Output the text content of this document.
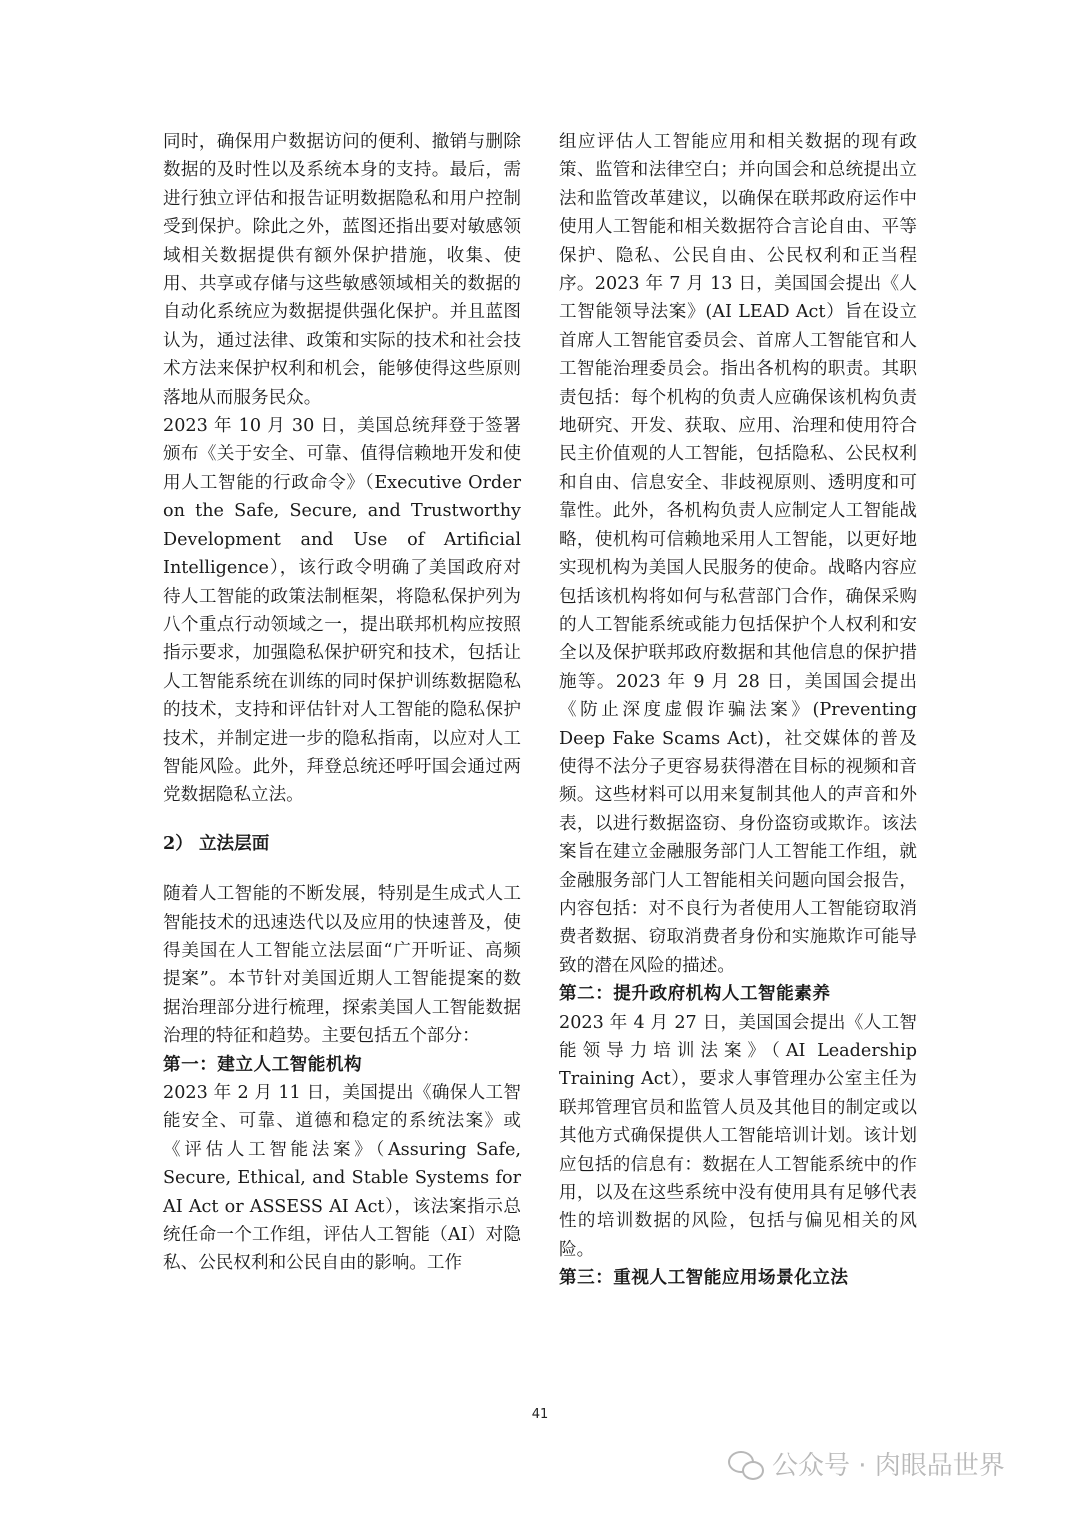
同时，确保用户数据访问的便利、撤销与删除数据的及时性以及系统本身的支持。最后，需进行独立评估和报告证明数据隐私和用户控制受到保护。除此之外，蓝图还指出要对敏感领域相关数据提供有额外保护措施，收集、使用、共享或存储与这些敏感领域相关的数据的自动化系统应为数据提供强化保护。并且蓝图认为，通过法律、政策和实际的技术和社会技术方法来保护权利和机会，能够使得这些原则落地从而服务民众。

2023 年 10 月 30 日，美国总统拜登于签署颁布《关于安全、可靠、值得信赖地开发和使用人工智能的行政命令》（Executive Order on the Safe, Secure, and Trustworthy Development and Use of Artificial Intelligence），该行政令明确了美国政府对待人工智能的政策法制框架，将隐私保护列为八个重点行动领域之一，提出联邦机构应按照指示要求，加强隐私保护研究和技术，包括让人工智能系统在训练的同时保护训练数据隐私的技术，支持和评估针对人工智能的隐私保护技术，并制定进一步的隐私指南，以应对人工智能风险。此外，拜登总统还呼吁国会通过两党数据隐私立法。

2） 立法层面

随着人工智能的不断发展，特别是生成式人工智能技术的迅速迭代以及应用的快速普及，使得美国在人工智能立法层面“广开听证、高频提案”。本节针对美国近期人工智能提案的数据治理部分进行梳理，探索美国人工智能数据治理的特征和趋势。主要包括五个部分：

第一：建立人工智能机构

2023 年 2 月 11 日，美国提出《确保人工智能安全、可靠、道德和稳定的系统法案》或《评估人工智能法案》（Assuring Safe, Secure, Ethical, and Stable Systems for AI Act or ASSESS AI Act），该法案指示总统任命一个工作组，评估人工智能（AI）对隐私、公民权利和公民自由的影响。工作

组应评估人工智能应用和相关数据的现有政策、监管和法律空白；并向国会和总统提出立法和监管改革建议，以确保在联邦政府运作中使用人工智能和相关数据符合言论自由、平等保护、隐私、公民自由、公民权利和正当程序。2023 年 7 月 13 日，美国国会提出《人工智能领导法案》(AI LEAD Act）旨在设立首席人工智能官委员会、首席人工智能官和人工智能治理委员会。指出各机构的职责。其职责包括：每个机构的负责人应确保该机构负责地研究、开发、获取、应用、治理和使用符合民主价值观的人工智能，包括隐私、公民权利和自由、信息安全、非歧视原则、透明度和可靠性。此外，各机构负责人应制定人工智能战略，使机构可信赖地采用人工智能，以更好地实现机构为美国人民服务的使命。战略内容应包括该机构将如何与私营部门合作，确保采购的人工智能系统或能力包括保护个人权利和安全以及保护联邦政府数据和其他信息的保护措施等。2023 年 9 月 28 日，美国国会提出《防止深度虚假诈骗法案》(Preventing Deep Fake Scams Act)，社交媒体的普及使得不法分子更容易获得潜在目标的视频和音频。这些材料可以用来复制其他人的声音和外表，以进行数据盗窃、身份盗窃或欺诈。该法案旨在建立金融服务部门人工智能工作组，就金融服务部门人工智能相关问题向国会报告，内容包括：对不良行为者使用人工智能窃取消费者数据、窃取消费者身份和实施欺诈可能导致的潜在风险的描述。

第二：提升政府机构人工智能素养

2023 年 4 月 27 日，美国国会提出《人工智能领导力培训法案》（AI Leadership Training Act），要求人事管理办公室主任为联邦管理官员和监管人员及其他目的制定或以其他方式确保提供人工智能培训计划。该计划应包括的信息有：数据在人工智能系统中的作用，以及在这些系统中没有使用具有足够代表性的培训数据的风险，包括与偏见相关的风险。

第三：重视人工智能应用场景化立法

41
公众号 · 肉眼品世界
